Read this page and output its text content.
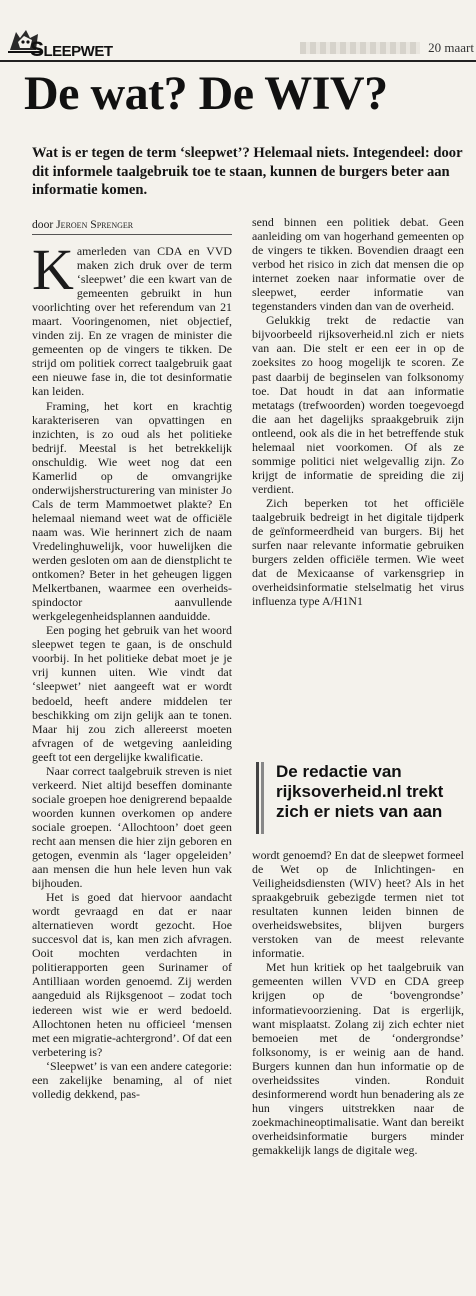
Sleepwet	20 maart
De wat? De WIV?
Wat is er tegen de term ‘sleepwet’? Helemaal niets. Integendeel: door dit informele taalgebruik toe te staan, kunnen de burgers beter aan informatie komen.
door Jeroen Sprenger

Kamerleden van CDA en VVD maken zich druk over de term ‘sleepwet’ die een kwart van de gemeenten gebruikt in hun voorlichting over het referendum van 21 maart. Vooringenomen, niet objectief, vinden zij. En ze vragen de minister die gemeenten op de vingers te tikken. De strijd om politiek correct taalgebruik gaat een nieuwe fase in, die tot desinformatie kan leiden.

Framing, het kort en krachtig karakteriseren van opvattingen en inzichten, is zo oud als het politieke bedrijf. Meestal is het betrekkelijk onschuldig. Wie weet nog dat een Kamerlid op de omvangrijke onderwijsherstructurering van minister Jo Cals de term Mammoetwet plakte? En helemaal niemand weet wat de officiële naam was. Wie herinnert zich de naam Vredelinghuwelijk, voor huwelijken die werden gesloten om aan de dienstplicht te ontkomen? Beter in het geheugen liggen Melkertbanen, waarmee een overheids-spindoctor aanvullende werkgelegenheidsplannen aanduidde.

Een poging het gebruik van het woord sleepwet tegen te gaan, is de onschuld voorbij. In het politieke debat moet je je vrij kunnen uiten. Wie vindt dat ‘sleepwet’ niet aangeeft wat er wordt bedoeld, heeft andere middelen ter beschikking om zijn gelijk aan te tonen. Maar hij zou zich allereerst moeten afvragen of de wetgeving aanleiding geeft tot een dergelijke kwalificatie.

Naar correct taalgebruik streven is niet verkeerd. Niet altijd beseffen dominante sociale groepen hoe denigrerend bepaalde woorden kunnen overkomen op andere sociale groepen. ‘Allochtoon’ doet geen recht aan mensen die hier zijn geboren en getogen, evenmin als ‘lager opgeleiden’ aan mensen die hun hele leven hun vak bijhouden.

Het is goed dat hiervoor aandacht wordt gevraagd en dat er naar alternatieven wordt gezocht. Hoe succesvol dat is, kan men zich afvragen. Ooit mochten verdachten in politierapporten geen Surinamer of Antilliaan worden genoemd. Zij werden aangeduid als Rijksgenoot – zodat toch iedereen wist wie er werd bedoeld. Allochtonen heten nu officieel ‘mensen met een migratie-achtergrond’. Of dat een verbetering is?

‘Sleepwet’ is van een andere categorie: een zakelijke benaming, al of niet volledig dekkend, pas-

send binnen een politiek debat. Geen aanleiding om van hogerhand gemeenten op de vingers te tikken. Bovendien draagt een verbod het risico in zich dat mensen die op internet zoeken naar informatie over de sleepwet, eerder informatie van tegenstanders vinden dan van de overheid.

Gelukkig trekt de redactie van bijvoorbeeld rijksoverheid.nl zich er niets van aan. Die stelt er een eer in op de zoeksites zo hoog mogelijk te scoren. Ze past daarbij de beginselen van folksonomy toe. Dat houdt in dat aan informatie metatags (trefwoorden) worden toegevoegd die aan het dagelijks spraakgebruik zijn ontleend, ook als die in het betreffende stuk helemaal niet voorkomen. Of als ze sommige politici niet welgevallig zijn. Zo krijgt de informatie de spreiding die zij verdient.

Zich beperken tot het officiële taalgebruik bedreigt in het digitale tijdperk de geïnformeerdheid van burgers. Bij het surfen naar relevante informatie gebruiken burgers zelden officiële termen. Wie weet dat de Mexicaanse of varkensgriep in overheidsinformatie stelselmatig het virus influenza type A/H1N1

De redactie van rijksoverheid.nl trekt zich er niets van aan

wordt genoemd? En dat de sleepwet formeel de Wet op de Inlichtingen- en Veiligheidsdiensten (WIV) heet? Als in het spraakgebruik gebezigde termen niet tot resultaten kunnen leiden binnen de overheidswebsites, blijven burgers verstoken van de meest relevante informatie.

Met hun kritiek op het taalgebruik van gemeenten willen VVD en CDA greep krijgen op de ‘bovengrondse’ informatievoorziening. Dat is ergerlijk, want misplaatst. Zolang zij zich echter niet bemoeien met de ‘ondergrondse’ folksonomy, is er weinig aan de hand. Burgers kunnen dan hun informatie op de overheidssites vinden. Ronduit desinformerend wordt hun benadering als ze hun vingers uitstrekken naar de zoekmachineoptimalisatie. Want dan bereikt overheidsinformatie burgers minder gemakkelijk langs de digitale weg.
